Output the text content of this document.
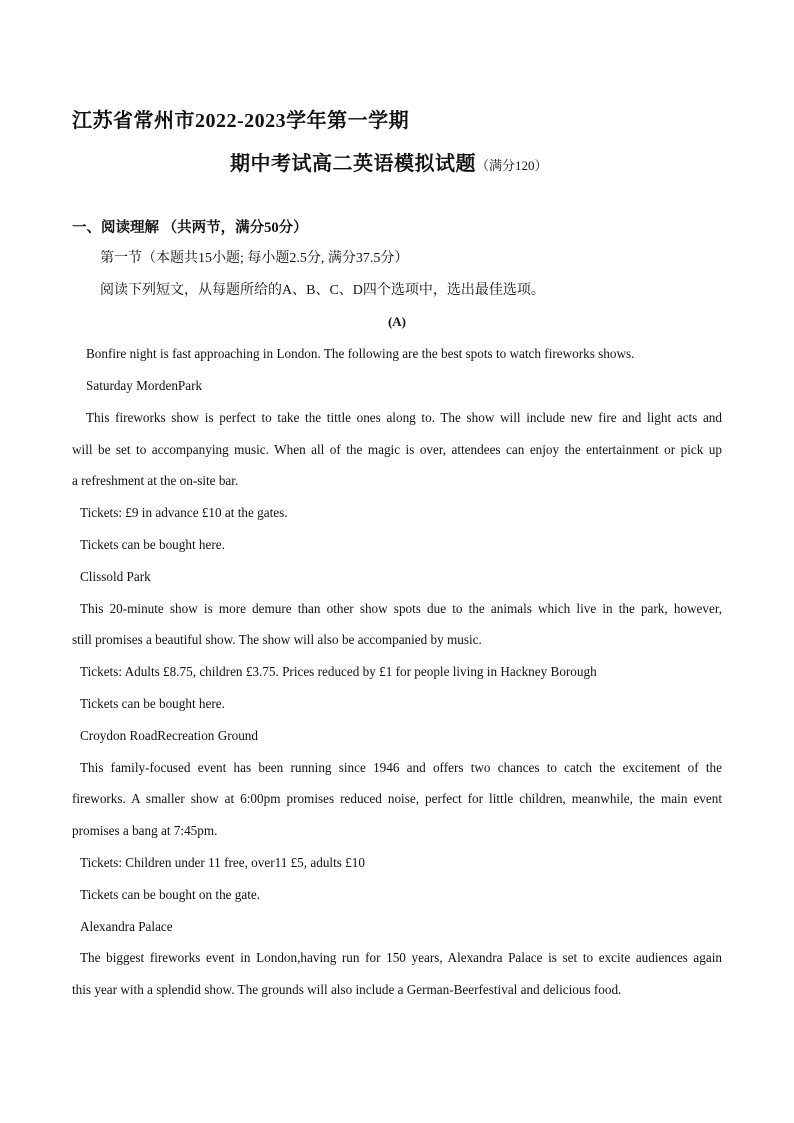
江苏省常州市2022-2023学年第一学期
期中考试高二英语模拟试题（满分120）
一、阅读理解 （共两节，满分50分）
第一节（本题共15小题; 每小题2.5分, 满分37.5分）
阅读下列短文，从每题所给的A、B、C、D四个选项中，选出最佳选项。
(A)
Bonfire night is fast approaching in London. The following are the best spots to watch fireworks shows.
Saturday MordenPark
This fireworks show is perfect to take the tittle ones along to. The show will include new fire and light acts and
will be set to accompanying music. When all of the magic is over, attendees can enjoy the entertainment or pick up
a refreshment at the on-site bar.
Tickets: £9 in advance £10 at the gates.
Tickets can be bought here.
Clissold Park
This 20-minute show is more demure than other show spots due to the animals which live in the park, however,
still promises a beautiful show. The show will also be accompanied by music.
Tickets: Adults £8.75, children £3.75. Prices reduced by £1 for people living in Hackney Borough
Tickets can be bought here.
Croydon RoadRecreation Ground
This family-focused event has been running since 1946 and offers two chances to catch the excitement of the
fireworks. A smaller show at 6:00pm promises reduced noise, perfect for little children, meanwhile, the main event
promises a bang at 7:45pm.
Tickets: Children under 11 free, over11 £5, adults £10
Tickets can be bought on the gate.
Alexandra Palace
The biggest fireworks event in London,having run for 150 years, Alexandra Palace is set to excite audiences again
this year with a splendid show. The grounds will also include a German-Beerfestival and delicious food.
